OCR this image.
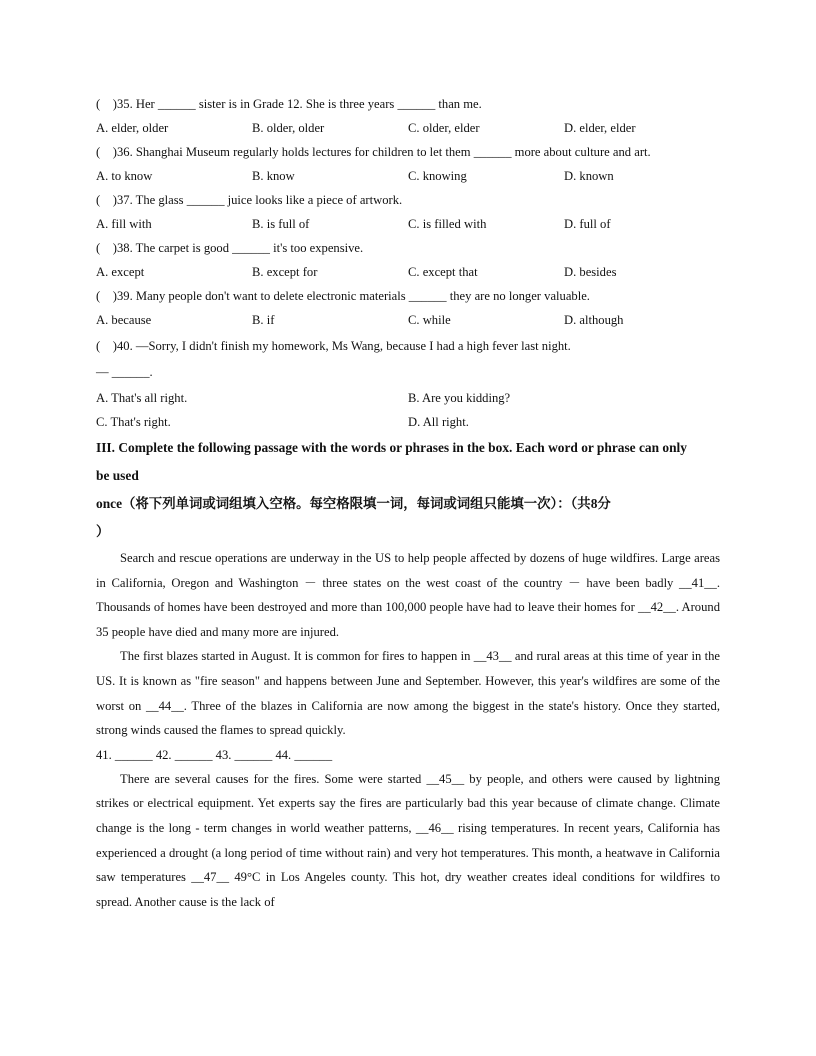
(    )35. Her ______ sister is in Grade 12. She is three years ______ than me.
A. elder, older	B. older, older	C. older, elder	D. elder, elder
(    )36. Shanghai Museum regularly holds lectures for children to let them ______ more about culture and art.
A. to know	B. know	C. knowing	D. known
(    )37. The glass ______ juice looks like a piece of artwork.
A. fill with	B. is full of	C. is filled with	D. full of
(    )38. The carpet is good ______ it's too expensive.
A. except	B. except for	C. except that	D. besides
(    )39. Many people don't want to delete electronic materials ______ they are no longer valuable.
A. because	B. if	C. while	D. although
(    )40. —Sorry, I didn't finish my homework, Ms Wang, because I had a high fever last night.
— ______.
A. That's all right.	B. Are you kidding?
C. That's right.	D. All right.
III. Complete the following passage with the words or phrases in the box. Each word or phrase can only be used
once（将下列单词或词组填入空格。每空格限填一词，每词或词组只能填一次）：（共8分
）

Search and rescue operations are underway in the US to help people affected by dozens of huge wildfires. Large areas in California, Oregon and Washington － three states on the west coast of the country － have been badly __41__. Thousands of homes have been destroyed and more than 100,000 people have had to leave their homes for __42__. Around 35 people have died and many more are injured.

The first blazes started in August. It is common for fires to happen in __43__ and rural areas at this time of year in the US. It is known as "fire season" and happens between June and September. However, this year's wildfires are some of the worst on __44__. Three of the blazes in California are now among the biggest in the state's history. Once they started, strong winds caused the flames to spread quickly.

41. ______ 42. ______ 43. ______ 44. ______

There are several causes for the fires. Some were started __45__ by people, and others were caused by lightning strikes or electrical equipment. Yet experts say the fires are particularly bad this year because of climate change. Climate change is the long - term changes in world weather patterns, __46__ rising temperatures. In recent years, California has experienced a drought (a long period of time without rain) and very hot temperatures. This month, a heatwave in California saw temperatures __47__ 49°C in Los Angeles county. This hot, dry weather creates ideal conditions for wildfires to spread. Another cause is the lack of
